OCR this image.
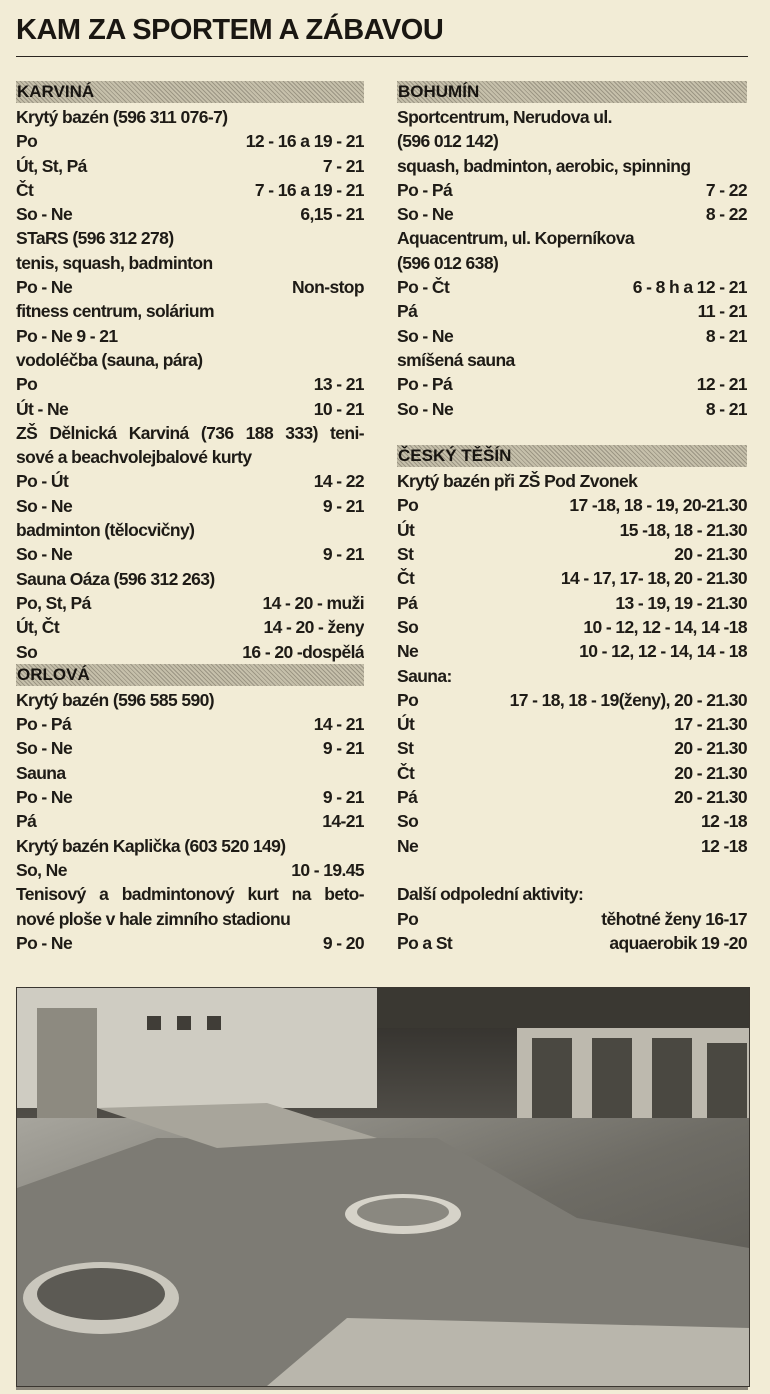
KAM ZA SPORTEM A ZÁBAVOU
KARVINÁ
Krytý bazén (596 311 076-7)
Po	12 - 16 a 19 - 21
Út, St, Pá	7 - 21
Čt	7 - 16 a 19 - 21
So - Ne	6,15 - 21
STaRS (596 312 278)
tenis, squash, badminton
Po - Ne	Non-stop
fitness centrum, solárium
Po - Ne 9 - 21
vodoléčba (sauna, pára)
Po	13 - 21
Út - Ne	10 - 21
ZŠ Dělnická Karviná (736 188 333) teni-
sové a beachvolejbalové kurty
Po - Út	14 - 22
So - Ne	9 - 21
badminton (tělocvičny)
So - Ne	9 - 21
Sauna Oáza (596 312 263)
Po, St, Pá	14 - 20 - muži
Út, Čt	14 - 20 - ženy
So	16 - 20 -dospělá
ORLOVÁ
Krytý bazén (596 585 590)
Po - Pá	14 - 21
So - Ne	9 - 21
Sauna
Po - Ne	9 - 21
Pá	14-21
Krytý bazén Kaplička (603 520 149)
So, Ne	10 - 19.45
Tenisový a badmintonový kurt na beto-
nové ploše v hale zimního stadionu
Po - Ne	9 - 20
BOHUMÍN
Sportcentrum, Nerudova ul.
(596 012 142)
squash, badminton, aerobic, spinning
Po - Pá	7 - 22
So - Ne	8 - 22
Aquacentrum, ul. Koperníkova
(596 012 638)
Po - Čt	6 - 8 h a 12 - 21
Pá	11 - 21
So - Ne	8 - 21
smíšená sauna
Po - Pá	12 - 21
So - Ne	8 - 21
ČESKÝ TĚŠÍN
Krytý bazén při ZŠ Pod Zvonek
Po	17 -18, 18 - 19, 20-21.30
Út	15 -18, 18 - 21.30
St	20 - 21.30
Čt	14 - 17, 17- 18, 20 - 21.30
Pá	13 - 19, 19 - 21.30
So	10 - 12, 12 - 14, 14 -18
Ne	10 - 12, 12 - 14, 14 - 18
Sauna:
Po	17 - 18, 18 - 19(ženy), 20 - 21.30
Út	17 - 21.30
St	20 - 21.30
Čt	20 - 21.30
Pá	20 - 21.30
So	12 -18
Ne	12 -18
Další odpolední aktivity:
Po	těhotné ženy 16-17
Po a St	aquaerobik 19 -20
